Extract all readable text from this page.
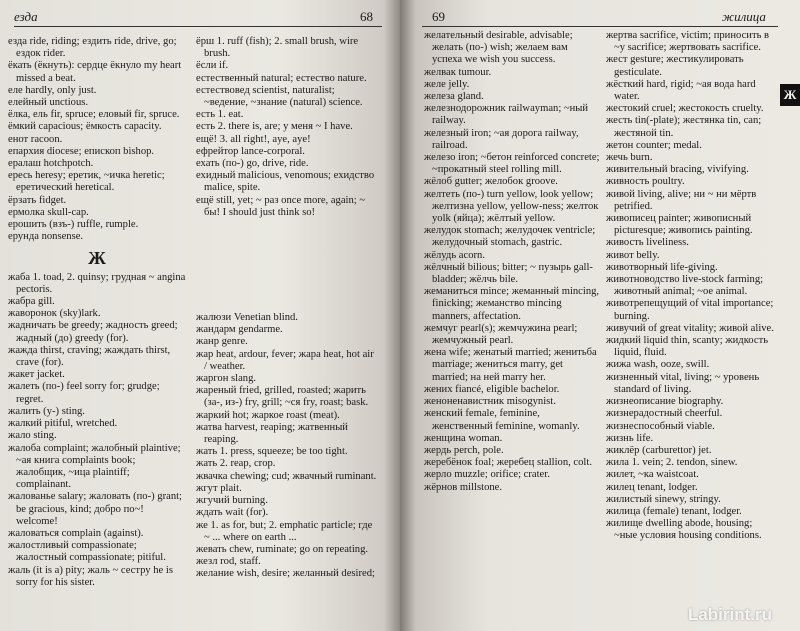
езда	68

езда ride, riding; ездить ride, drive, go; ездок rider.

ёкать (ёкнуть): сердце ёкнуло my heart missed a beat.

еле hardly, only just.

елейный unctious.

ёлка, ель fir, spruce; еловый fir, spruce.

ёмкий capacious; ёмкость capacity.

енот racoon.

епархия diocese; епископ bishop.

ералаш hotchpotch.

ересь heresy; еретик, ~ичка heretic; еретический heretical.

ёрзать fidget.

ермолка skull-cap.

ерошить (взъ-) ruffle, rumple.

ерунда nonsense.

Ж

жаба 1. toad, 2. quinsy; грудная ~ angina pectoris.

жабра gill.

жаворонок (sky)lark.

жадничать be greedy; жадность greed; жадный (до) greedy (for).

жажда thirst, craving; жаждать thirst, crave (for).

жакет jacket.

жалеть (по-) feel sorry for; grudge; regret.

жалить (у-) sting.

жалкий pitiful, wretched.

жало sting.

жалоба complaint; жалобный plaintive; ~ая книга complaints book; жалобщик, ~ица plaintiff; complainant.

жалованье salary; жаловать (по-) grant; be gracious, kind; добро по~! welcome!

жаловаться complain (against).

жалостливый compassionate; жалостный compassionate; pitiful.

жаль (it is a) pity; жаль ~ сестру he is sorry for his sister.

ёрш 1. ruff (fish); 2. small brush, wire brush.

ёсли if.

естественный natural; естество nature.

естествовед scientist, naturalist; ~ведение, ~знание (natural) science.

есть 1. eat.

есть 2. there is, are; у меня ~ I have.

ещё! 3. all right!, aye, aye!

ефрейтор lance-corporal.

ехать (по-) go, drive, ride.

ехидный malicious, venomous; ехидство malice, spite.

ещё still, yet; ~ раз once more, again; ~ бы! I should just think so!

жалюзи Venetian blind.

жандарм gendarme.

жанр genre.

жар heat, ardour, fever; жара heat, hot air / weather.

жаргон slang.

жареный fried, grilled, roasted; жарить (за-, из-) fry, grill; ~ся fry, roast; bask.

жаркий hot; жаркое roast (meat).

жатва harvest, reaping; жатвенный reaping.

жать 1. press, squeeze; be too tight.

жать 2. reap, crop.

жвачка chewing; cud; жвачный ruminant.

жгут plait.

жгучий burning.

ждать wait (for).

же 1. as for, but; 2. emphatic particle; где ~ ... where on earth ...

жевать chew, ruminate; go on repeating.

жезл rod, staff.

желание wish, desire; желанный desired;

69	жилица

желательный desirable, advisable; желать (по-) wish; желаем вам успеха we wish you success.

желвак tumour.

желе jelly.

железа gland.

железнодорожник railwayman; ~ный railway.

железный iron; ~ая дорога railway, railroad.

железо iron; ~бетон reinforced concrete; ~прокатный steel rolling mill.

жёлоб gutter; желобок groove.

желтеть (по-) turn yellow, look yellow; желтизна yellow, yellow-ness; желток yolk (яйца); жёлтый yellow.

желудок stomach; желудочек ventricle; желудочный stomach, gastric.

жёлудь acorn.

жёлчный bilious; bitter; ~ пузырь gall-bladder; жёлчь bile.

жеманиться mince; жеманный mincing, finicking; жеманство mincing manners, affectation.

жемчуг pearl(s); жемчужина pearl; жемчужный pearl.

жена wife; женатый married; женитьба marriage; жениться marry, get married; на ней marry her.

жених fiancé, eligible bachelor.

женоненавистник misogynist.

женский female, feminine, женственный feminine, womanly.

женщина woman.

жердь perch, pole.

жеребёнок foal; жеребец stallion, colt.

жерло muzzle; orifice; crater.

жёрнов millstone.

жертва sacrifice, victim; приносить в ~у sacrifice; жертвовать sacrifice.

жест gesture; жестикулировать gesticulate.

жёсткий hard, rigid; ~ая вода hard water.

жестокий cruel; жестокость cruelty.

жесть tin(-plate); жестянка tin, can; жестяной tin.

жетон counter; medal.

жечь burn.

живительный bracing, vivifying.

живность poultry.

живой living, alive; ни ~ ни мёртв petrified.

живописец painter; живописный picturesque; живопись painting.

живость liveliness.

живот belly.

животворный life-giving.

животноводство live-stock farming; животный animal; ~ое animal.

животрепещущий of vital importance; burning.

живучий of great vitality; живой alive.

жидкий liquid thin, scanty; жидкость liquid, fluid.

жижа wash, ooze, swill.

жизненный vital, living; ~ уровень standard of living.

жизнеописание biography.

жизнерадостный cheerful.

жизнеспособный viable.

жизнь life.

жиклёр (carburettor) jet.

жила 1. vein; 2. tendon, sinew.

жилет, ~ка waistcoat.

жилец tenant, lodger.

жилистый sinewy, stringy.

жилица (female) tenant, lodger.

жилище dwelling abode, housing; ~ные условия housing conditions.

Ж
Labirint.ru
